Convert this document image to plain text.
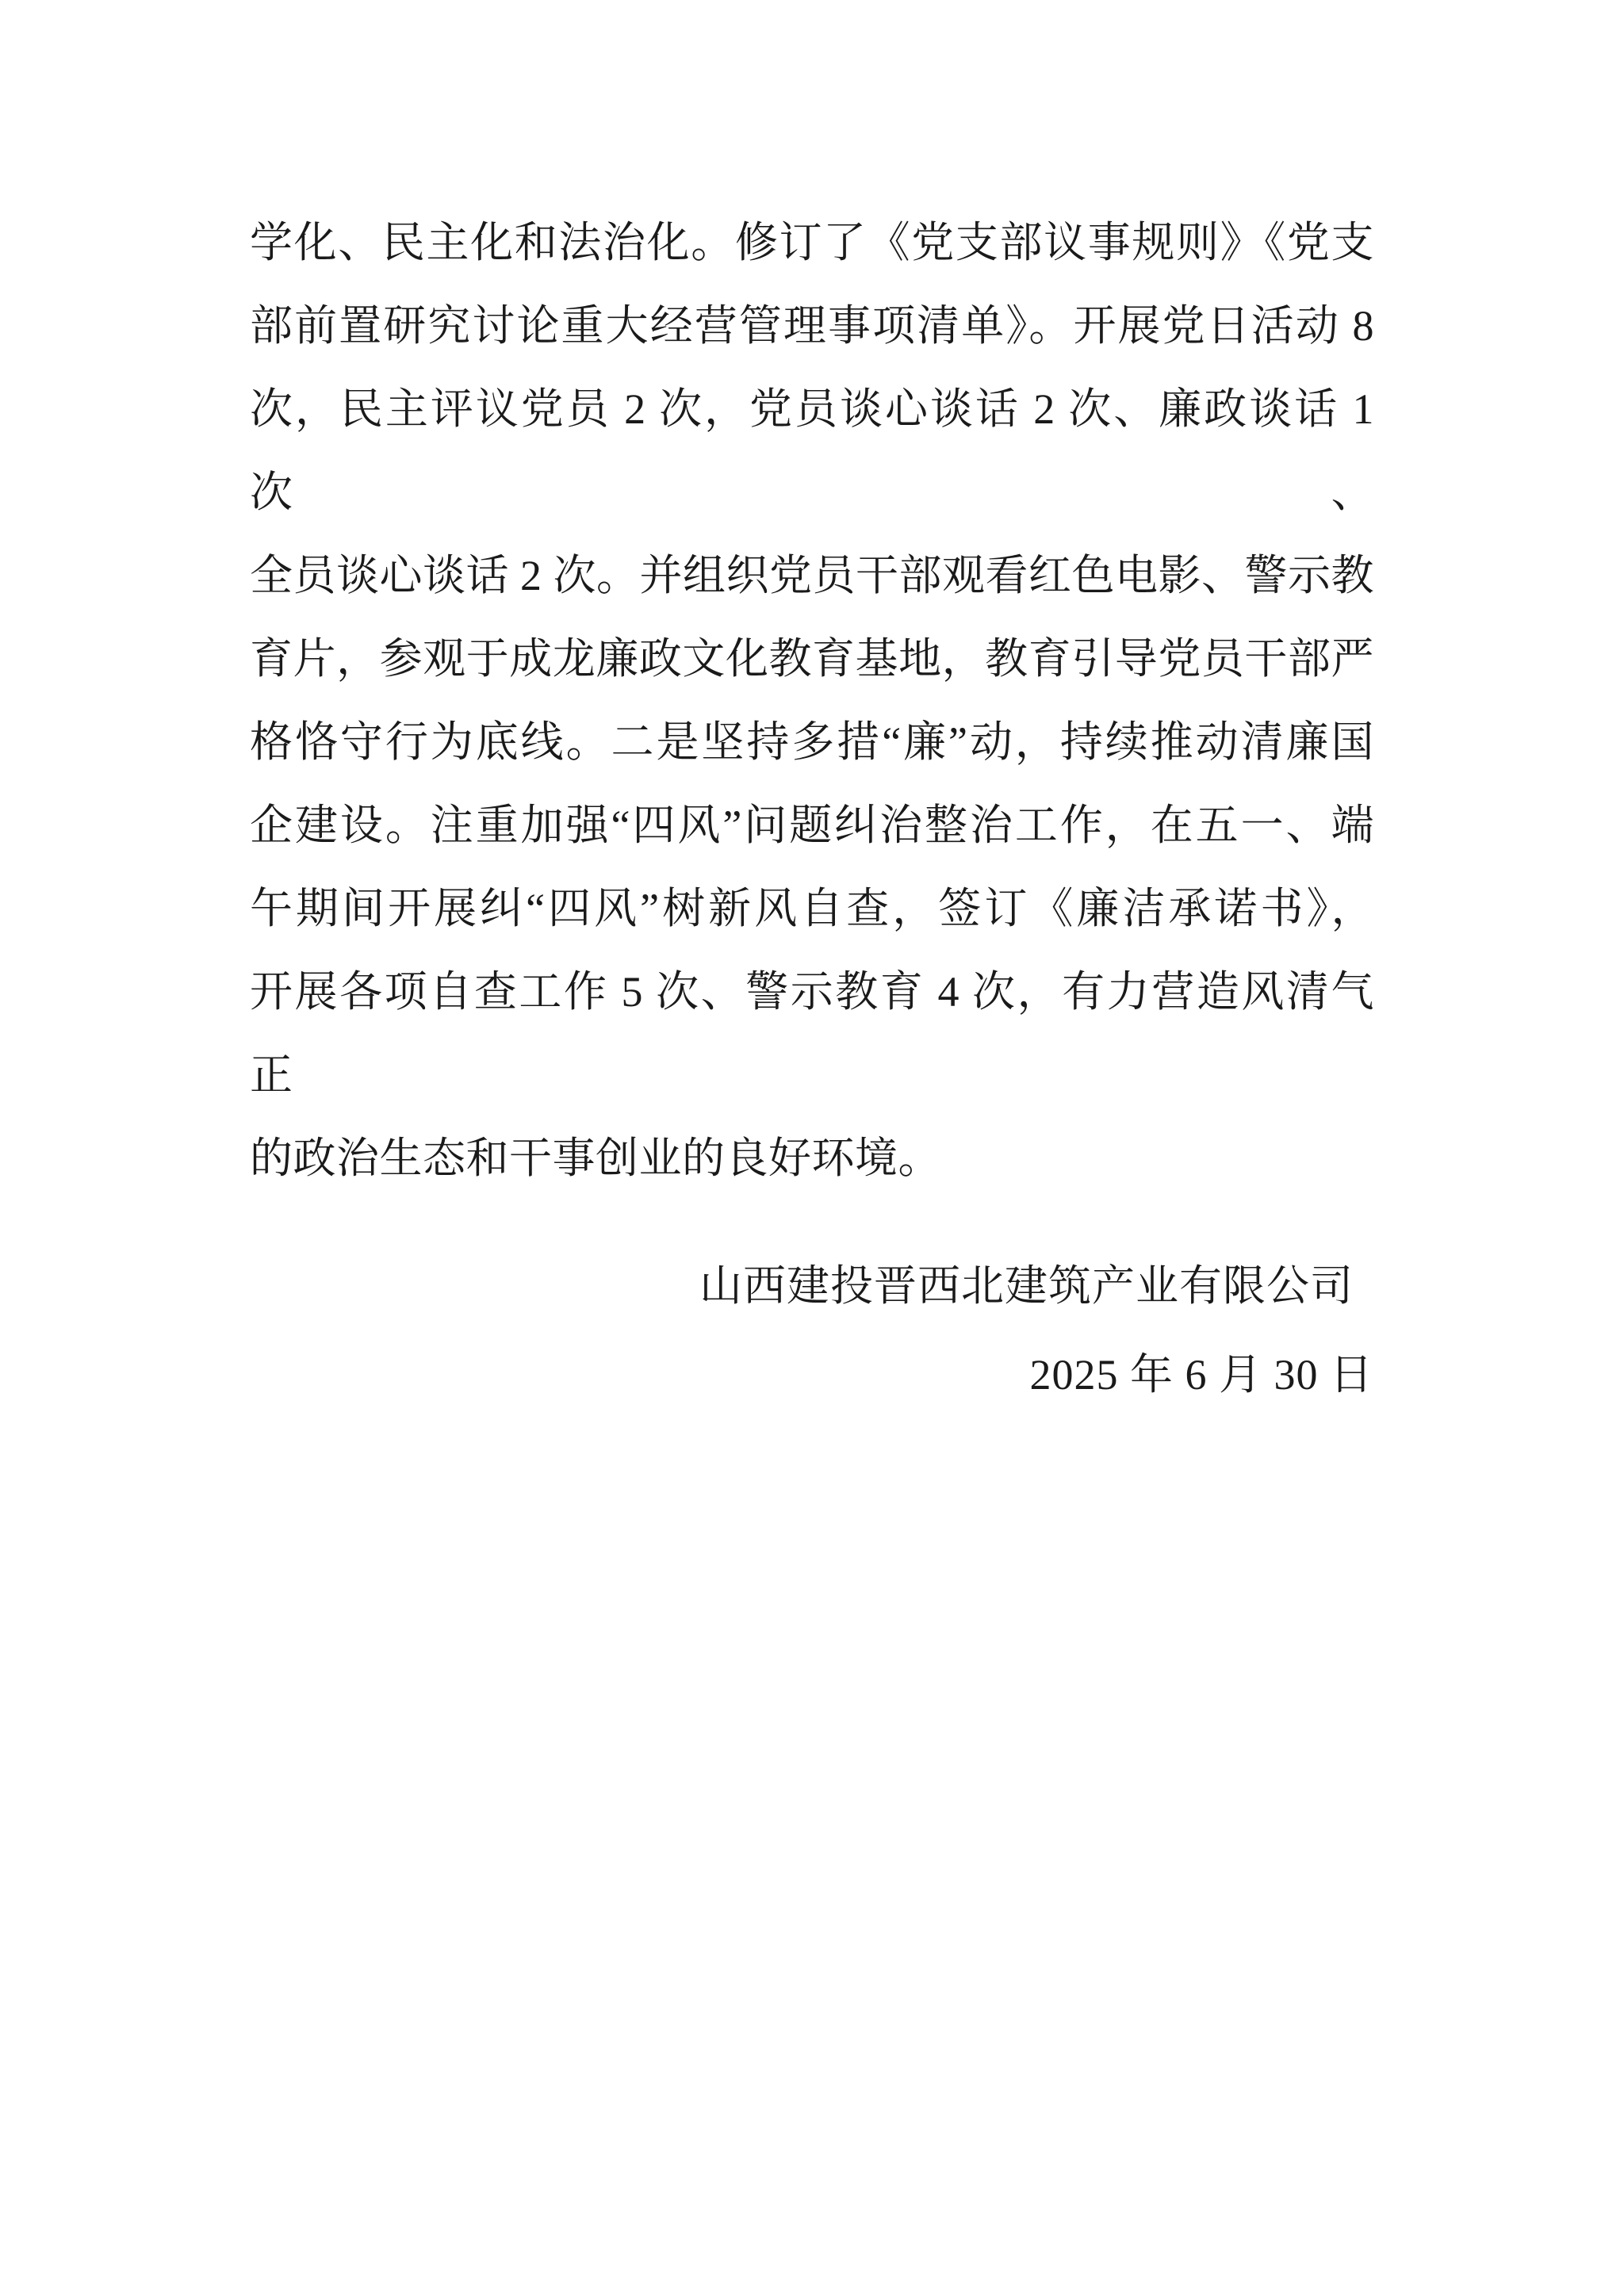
学化、民主化和法治化。修订了《党支部议事规则》《党支
部前置研究讨论重大经营管理事项清单》。开展党日活动 8
次，民主评议党员 2 次，党员谈心谈话 2 次、廉政谈话 1 次、
全员谈心谈话 2 次。并组织党员干部观看红色电影、警示教
育片，参观于成龙廉政文化教育基地，教育引导党员干部严
格恪守行为底线。二是坚持多措“廉”动，持续推动清廉国
企建设。注重加强“四风”问题纠治整治工作，在五一、端
午期间开展纠“四风”树新风自查，签订《廉洁承诺书》，
开展各项自查工作 5 次、警示教育 4 次，有力营造风清气正
的政治生态和干事创业的良好环境。
山西建投晋西北建筑产业有限公司
2025 年 6 月 30 日
